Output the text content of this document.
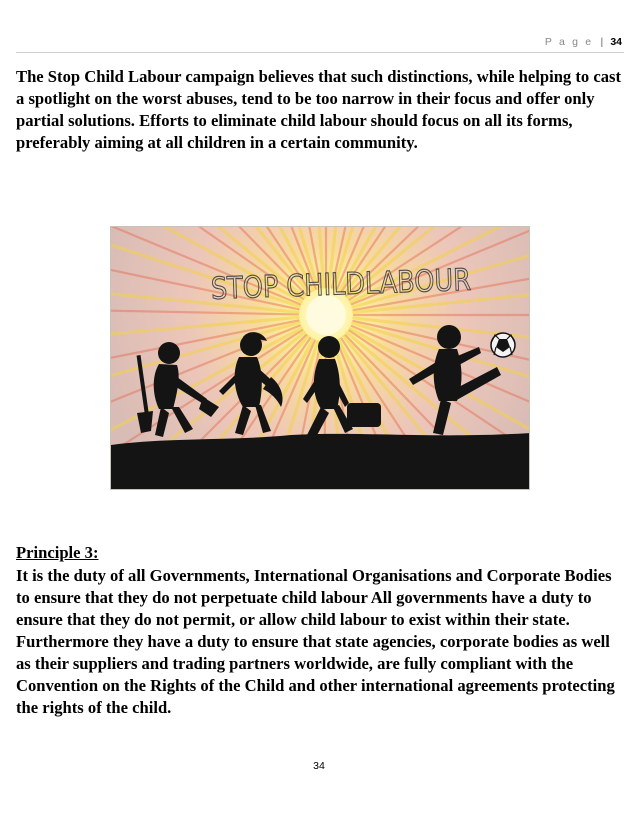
P a g e | 34

The Stop Child Labour campaign believes that such distinctions, while helping to cast a spotlight on the worst abuses, tend to be too narrow in their focus and offer only partial solutions. Efforts to eliminate child labour should focus on all its forms, preferably aiming at all children in a certain community.

STOP CHILDLABOUR
Principle 3:

It is the duty of all Governments, International Organisations and Corporate Bodies to ensure that they do not perpetuate child labour All governments have a duty to ensure that they do not permit, or allow child labour to exist within their state. Furthermore they have a duty to ensure that state agencies, corporate bodies as well as their suppliers and trading partners worldwide, are fully compliant with the Convention on the Rights of the Child and other international agreements protecting the rights of the child.

34
